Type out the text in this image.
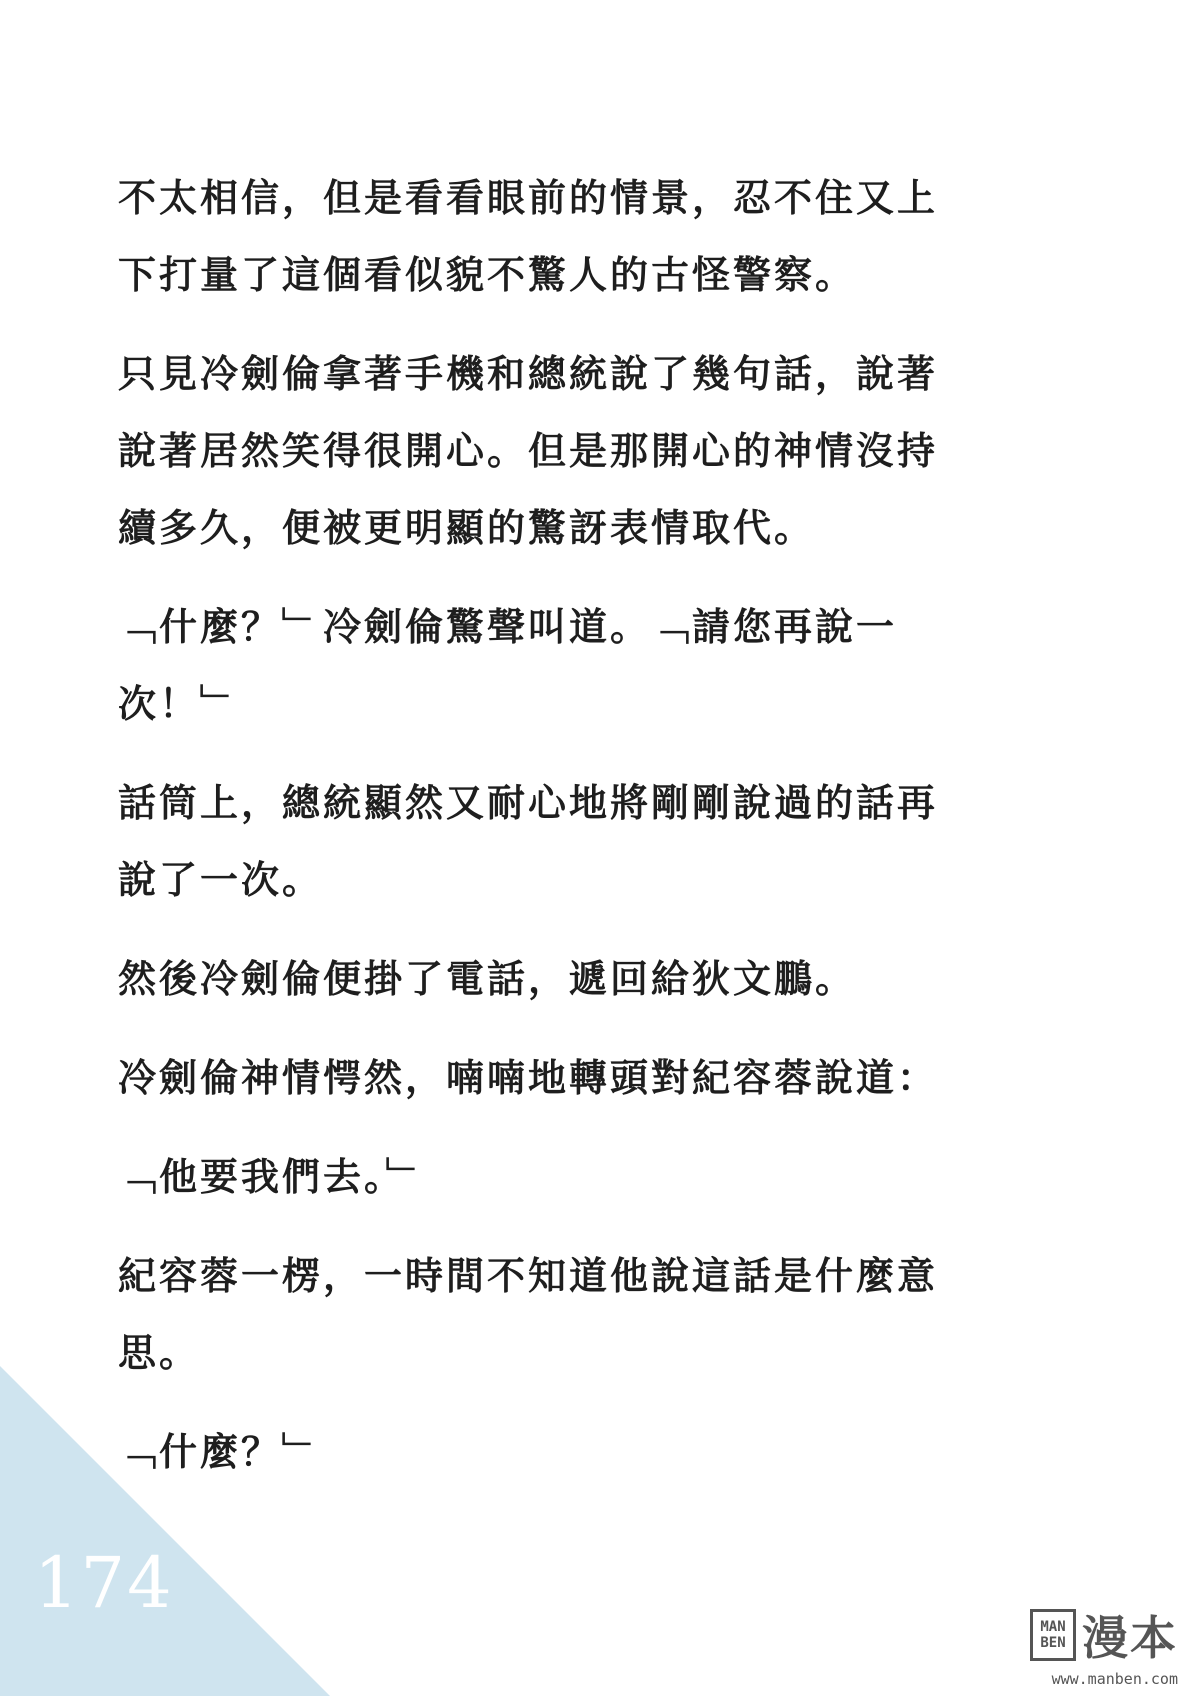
不太相信，但是看看眼前的情景，忍不住又上
下打量了這個看似貌不驚人的古怪警察。

只見冷劍倫拿著手機和總統說了幾句話，說著
說著居然笑得很開心。但是那開心的神情沒持
續多久，便被更明顯的驚訝表情取代。

﹁什麼？﹂冷劍倫驚聲叫道。﹁請您再說一
次！﹂

話筒上，總統顯然又耐心地將剛剛說過的話再
說了一次。

然後冷劍倫便掛了電話，遞回給狄文鵬。

冷劍倫神情愕然，喃喃地轉頭對紀容蓉說道：

﹁他要我們去。﹂

紀容蓉一楞，一時間不知道他說這話是什麼意
思。

﹁什麼？﹂

174
MAN
BEN 漫本
www.manben.com
